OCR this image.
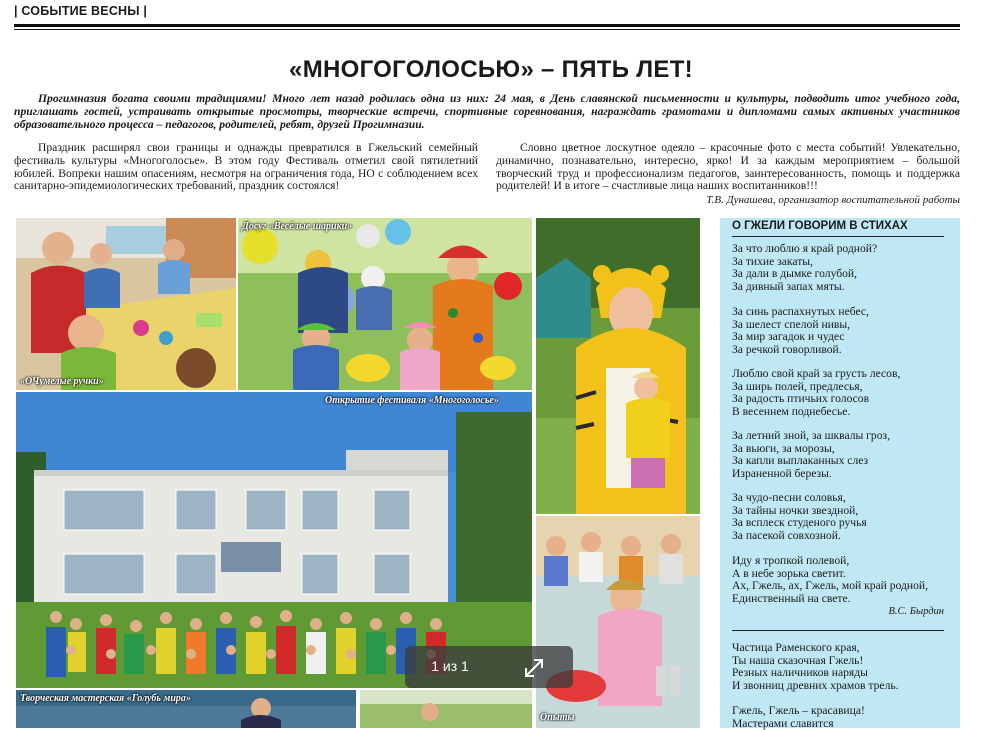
| СОБЫТИЕ ВЕСНЫ |
«МНОГОГОЛОСЬЮ» – ПЯТЬ ЛЕТ!
Прогимназия богата своими традициями! Много лет назад родилась одна из них: 24 мая, в День славянской письменности и культуры, подводить итог учебного года, приглашать гостей, устраивать открытые просмотры, творческие встречи, спортивные соревнования, награждать грамотами и дипломами самых активных участников образовательного процесса – педагогов, родителей, ребят, друзей Прогимназии.
Праздник расширял свои границы и однажды превратился в Гжельский семейный фестиваль культуры «Многоголосье». В этом году Фестиваль отметил свой пятилетний юбилей. Вопреки нашим опасениям, несмотря на ограничения года, НО с соблюдением всех санитарно-эпидемиологических требований, праздник состоялся!
Словно цветное лоскутное одеяло – красочные фото с места событий! Увлекательно, динамично, познавательно, интересно, ярко! И за каждым мероприятием – большой творческий труд и профессионализм педагогов, заинтересованность, помощь и поддержка родителей! И в итоге – счастливые лица наших воспитанников!!!
Т.В. Дунашева, организатор воспитательной работы
«ОЧумелые ручки»
Досуг «Весёлые шарики»
Открытие фестиваля «Многоголосье»
Опыты
Творческая мастерская «Голубь мира»
О ГЖЕЛИ ГОВОРИМ В СТИХАХ
За что люблю я край родной?
За тихие закаты,
За дали в дымке голубой,
За дивный запах мяты.
За синь распахнутых небес,
За шелест спелой нивы,
За мир загадок и чудес
За речкой говорливой.
Люблю свой край за грусть лесов,
За ширь полей, предлесья,
За радость птичьих голосов
В весеннем поднебесье.
За летний зной, за шквалы гроз,
За вьюги, за морозы,
За капли выплаканных слез
Израненной березы.
За чудо-песни соловья,
За тайны ночки звездной,
За всплеск студеного ручья
За пасекой совхозной.
Иду я тропкой полевой,
А в небе зорька светит.
Ах, Гжель, ах, Гжель, мой край родной,
Единственный на свете.
В.С. Бырдин
Частица Раменского края,
Ты наша сказочная Гжель!
Резных наличников наряды
И звонниц древних храмов трель.
Гжель, Гжель – красавица!
Мастерами славится
1 из 1
